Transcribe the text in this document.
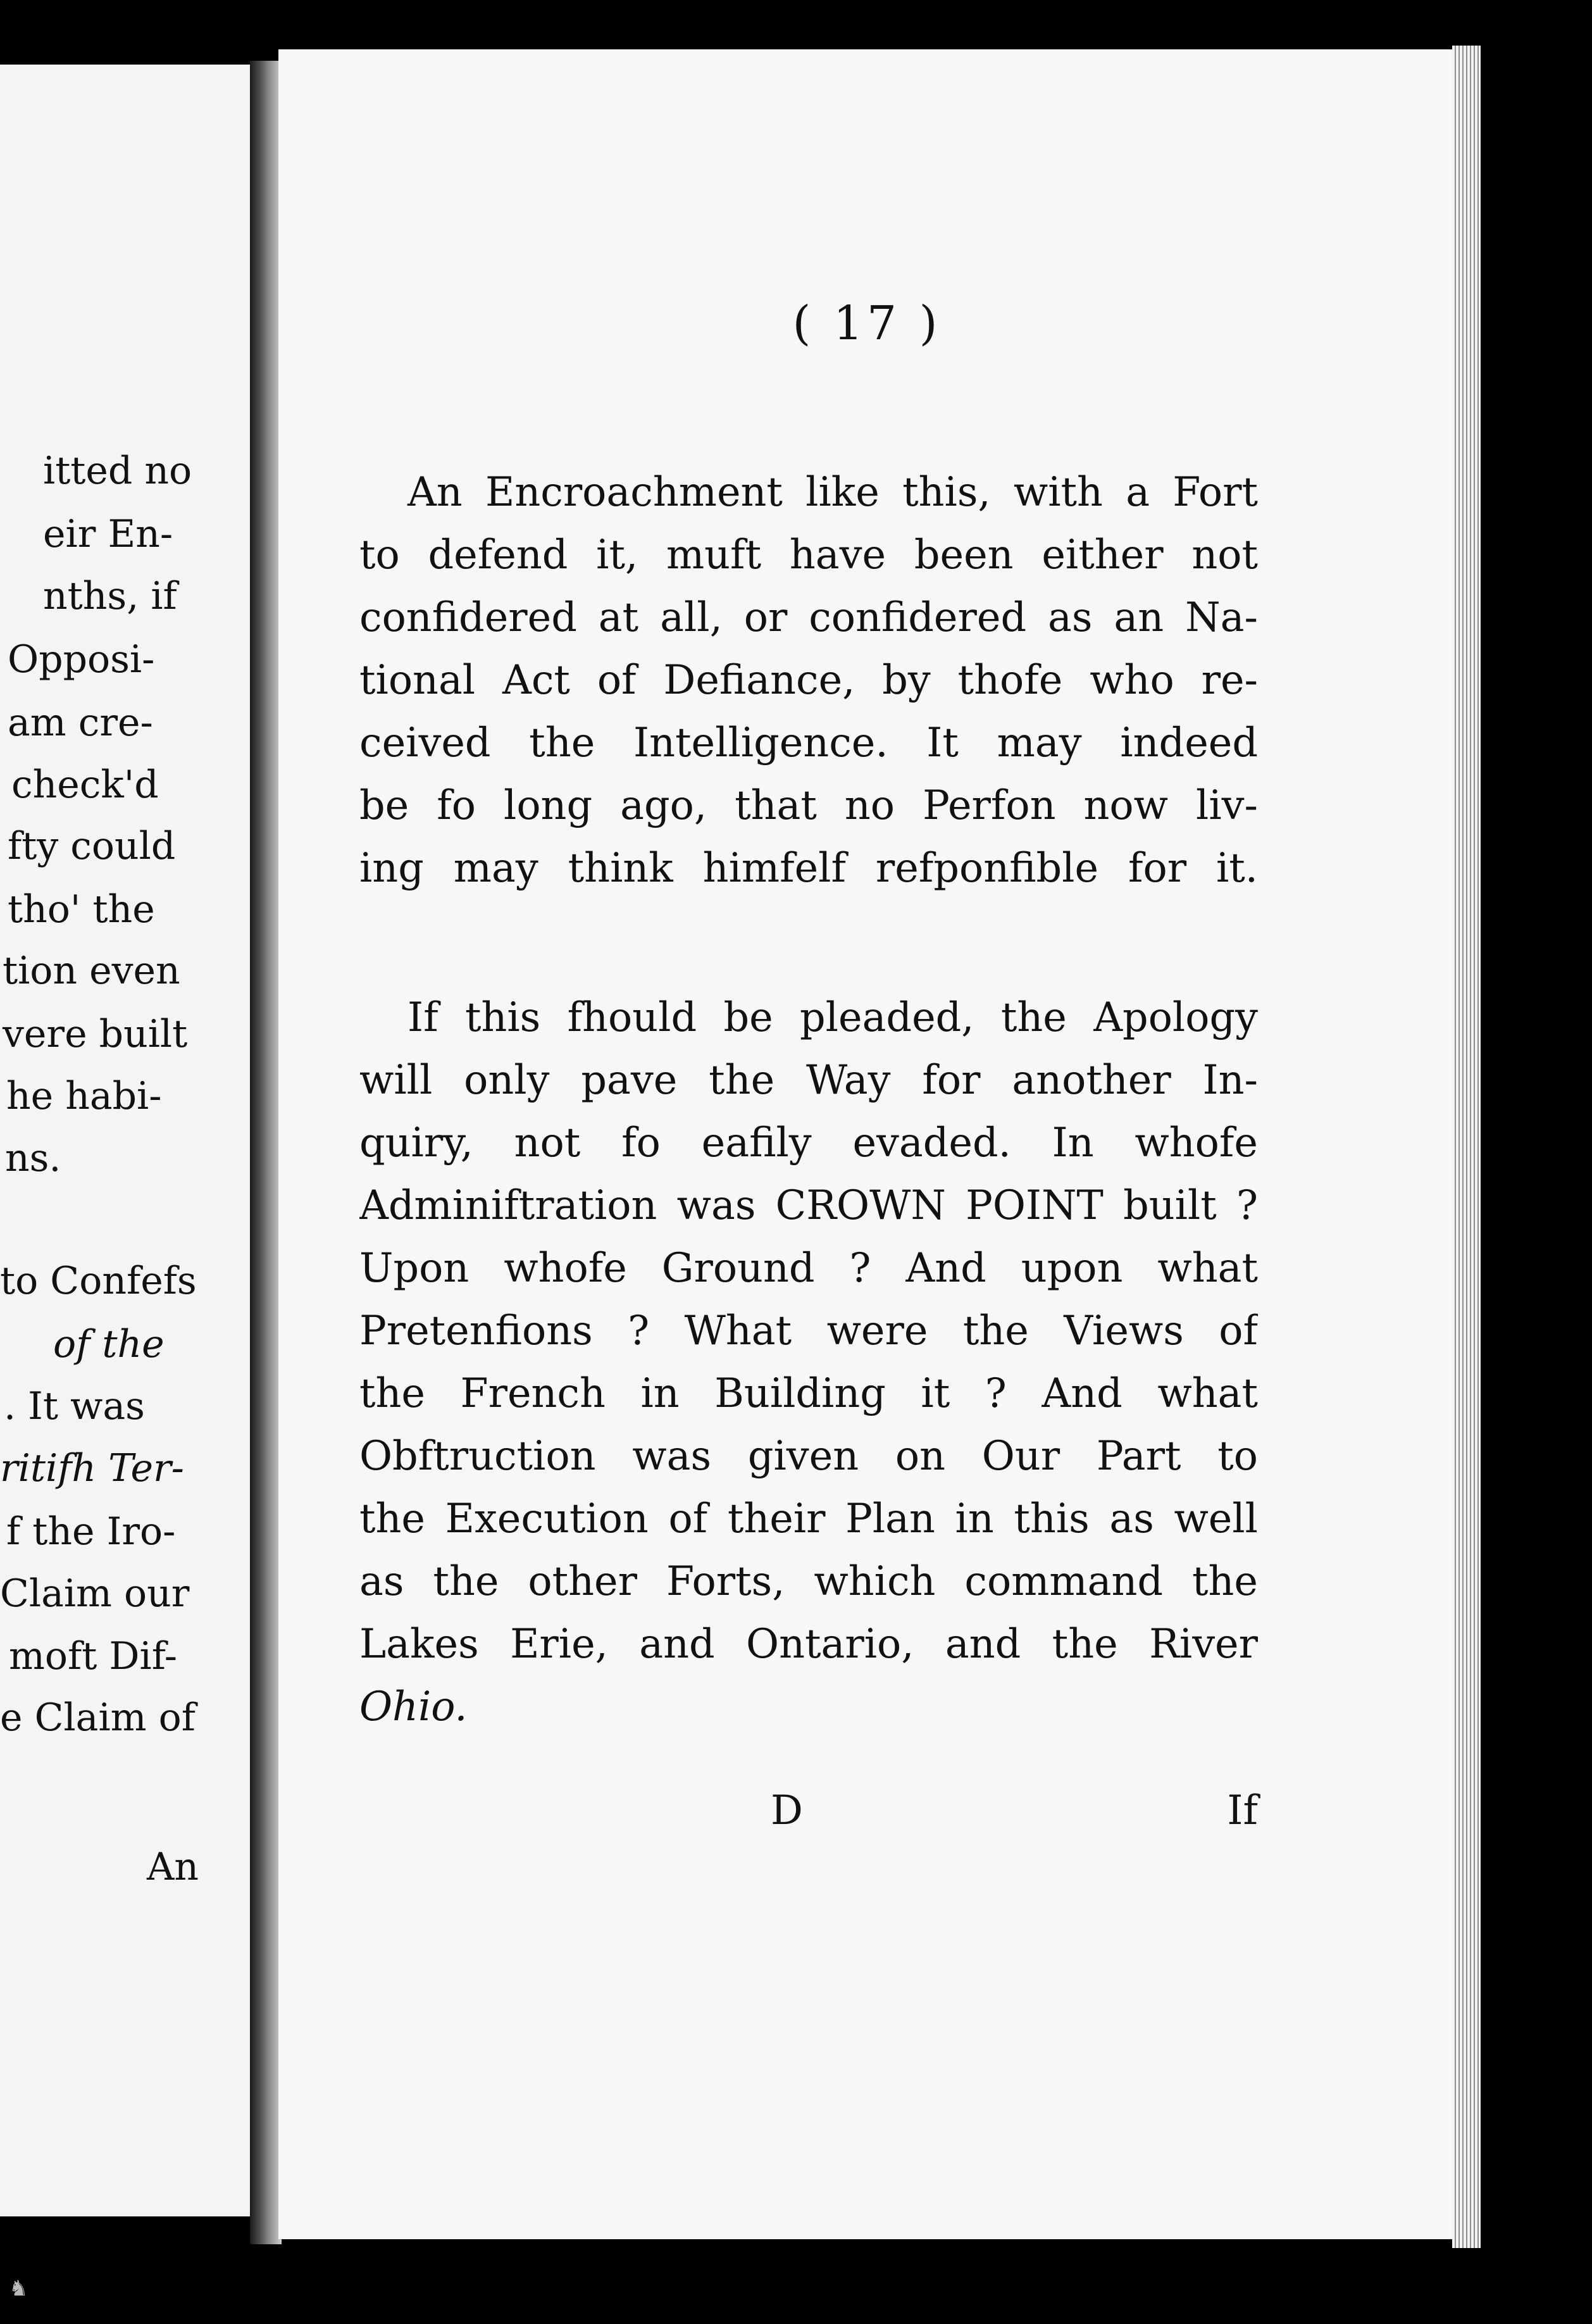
itted no
eir En-
nths, if
Opposi-
am cre-
check'd
fty could
tho' the
tion even
vere built
he habi-
ns.
to Confefs
of the
. It was
ritifh Ter-
f the Iro-
Claim our
moft Dif-
e Claim of
An
( 17 )
An Encroachment like this, with a Fort
to defend it, muft have been either not
confidered at all, or confidered as an Na-
tional Act of Defiance, by thofe who re-
ceived the Intelligence. It may indeed
be fo long ago, that no Perfon now liv-
ing may think himfelf refponfible for it.
If this fhould be pleaded, the Apology
will only pave the Way for another In-
quiry, not fo eafily evaded. In whofe
Adminiftration was CROWN POINT built ?
Upon whofe Ground ? And upon what
Pretenfions ? What were the Views of
the French in Building it ? And what
Obftruction was given on Our Part to
the Execution of their Plan in this as well
as the other Forts, which command the
Lakes Erie, and Ontario, and the River
Ohio.
D	If
♞
